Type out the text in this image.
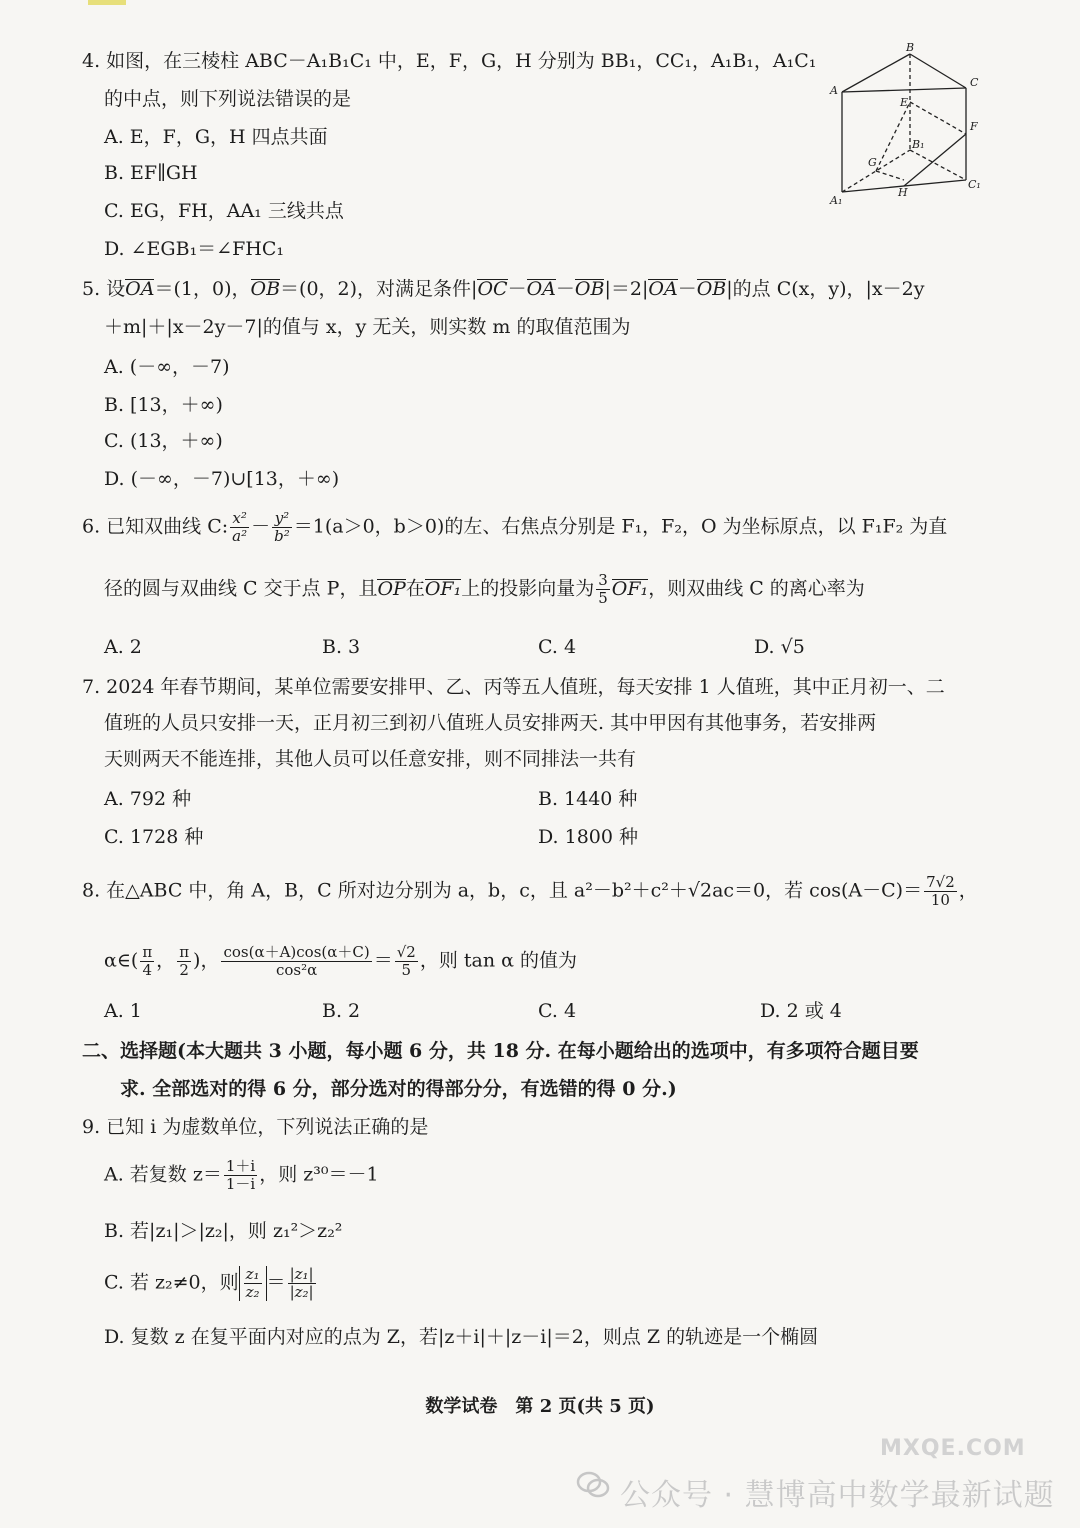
4. 如图，在三棱柱 ABC－A₁B₁C₁ 中，E，F，G，H 分别为 BB₁，CC₁，A₁B₁，A₁C₁
的中点，则下列说法错误的是
A. E，F，G，H 四点共面
B. EF∥GH
C. EG，FH，AA₁ 三线共点
D. ∠EGB₁＝∠FHC₁
B
A
C
E
F
G
B₁
H
A₁
C₁
5. 设OA＝(1，0)，OB＝(0，2)，对满足条件|OC－OA－OB|＝2|OA－OB|的点 C(x，y)，|x－2y
＋m|＋|x－2y－7|的值与 x，y 无关，则实数 m 的取值范围为
A. (－∞，－7)
B. [13，＋∞)
C. (13，＋∞)
D. (－∞，－7)∪[13，＋∞)
6. 已知双曲线 C: $\frac{\text{x²}}{\text{a²}} - \frac{\text{y²}}{\text{b²}} =1(a>0$，b＞0)的左、右焦点分别是 F₁，F₂，O 为坐标原点，以 F₁F₂ 为直
径的圆与双曲线 C 交于点 P，且OP在OF₁上的投影向量为 $\frac{3}{5} OF_1$，则双曲线 C 的离心率为
A. 2	B. 3	C. 4	D. √5
7. 2024 年春节期间，某单位需要安排甲、乙、丙等五人值班，每天安排 1 人值班，其中正月初一、二
值班的人员只安排一天，正月初三到初八值班人员安排两天. 其中甲因有其他事务，若安排两
天则两天不能连排，其他人员可以任意安排，则不同排法一共有
A. 792 种	B. 1440 种
C. 1728 种	D. 1800 种
8. 在△ABC 中，角 A，B，C 所对边分别为 a，b，c，且 a²－b²＋c²＋√2ac＝0，若 $\cos(A-C)= \frac{7√2}{10}$ ，
α∈( $\frac{\pi}{4}$ ， $\frac{\pi}{2}$ )， $\frac{\cos(\alpha+A)\cos(\alpha+C)}{\text{cos²α}} = \frac{√2}{5}$ ，则 tan α 的值为
A. 1	B. 2	C. 4	D. 2 或 4
二、选择题(本大题共 3 小题，每小题 6 分，共 18 分. 在每小题给出的选项中，有多项符合题目要
求. 全部选对的得 6 分，部分选对的得部分分，有选错的得 0 分.)
9. 已知 i 为虚数单位，下列说法正确的是
A. 若复数 $z= \frac{1+i}{1-i}$ ，则 z³⁰＝－1
B. 若|z₁|＞|z₂|，则 z₁²＞z₂²
C. 若 z₂≠0，则 $\frac{\text{z₁}}{\text{z₂}} = \frac{\text{|z₁|}}{\text{|z₂|}}$
D. 复数 z 在复平面内对应的点为 Z，若|z＋i|＋|z－i|＝2，则点 Z 的轨迹是一个椭圆
数学试卷　第 2 页(共 5 页)
公众号 · 慧博高中数学最新试题
MXQE.COM
